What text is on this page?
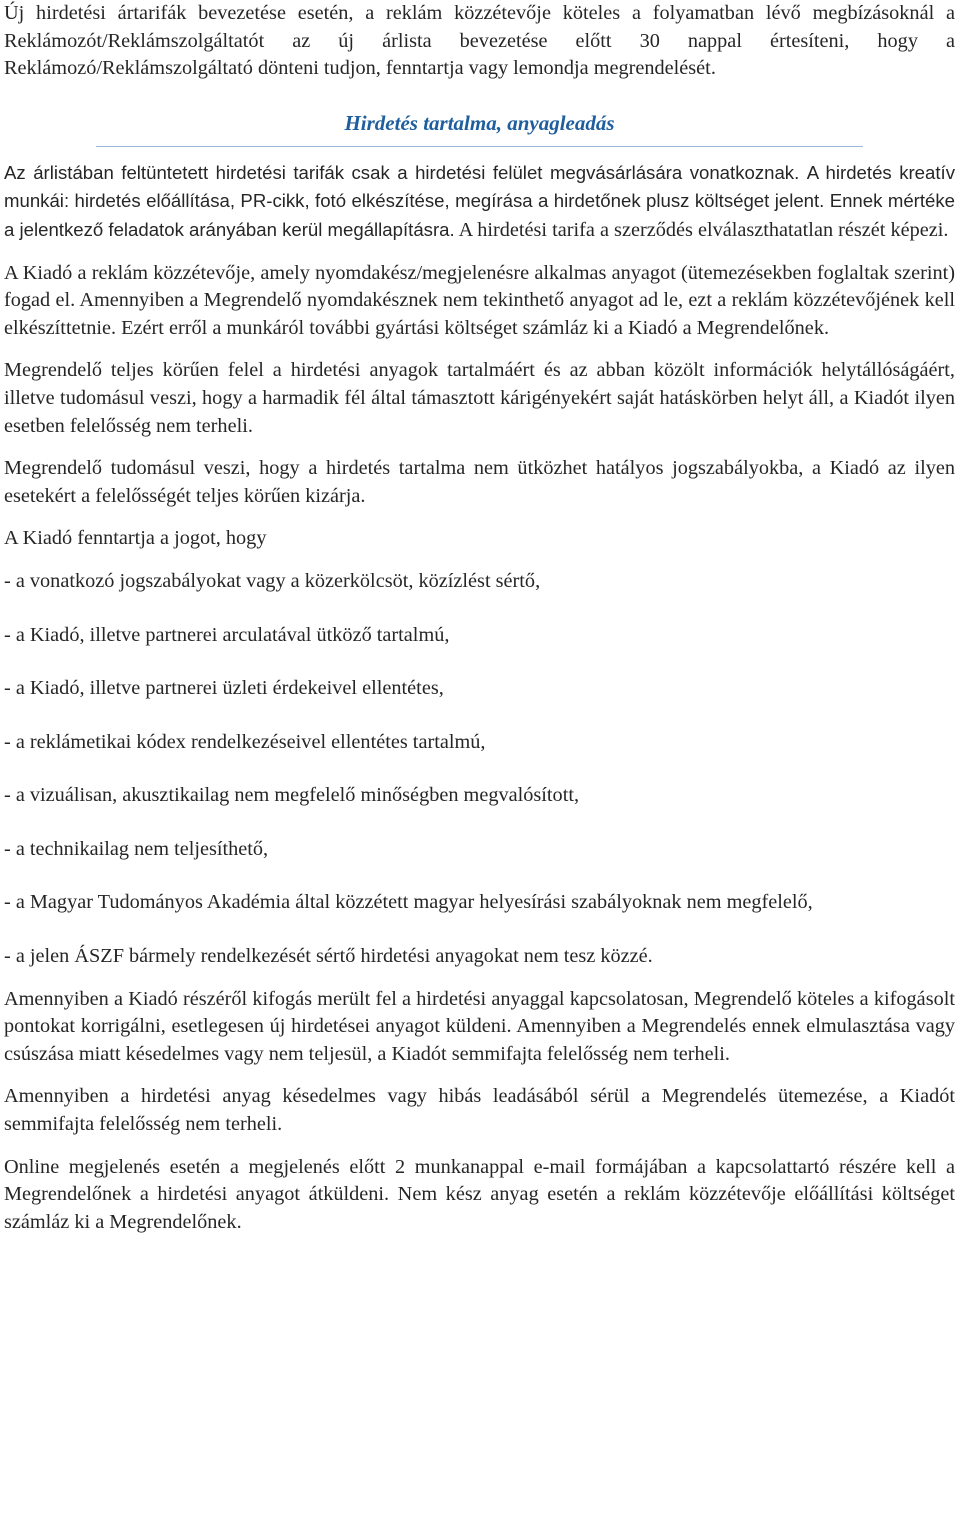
Új hirdetési ártarifák bevezetése esetén, a reklám közzétevője köteles a folyamatban lévő megbízásoknál a Reklámozót/Reklámszolgáltatót az új árlista bevezetése előtt 30 nappal értesíteni, hogy a Reklámozó/Reklámszolgáltató dönteni tudjon, fenntartja vagy lemondja megrendelését.

Hirdetés tartalma, anyagleadás

Az árlistában feltüntetett hirdetési tarifák csak a hirdetési felület megvásárlására vonatkoznak. A hirdetés kreatív munkái: hirdetés előállítása, PR-cikk, fotó elkészítése, megírása a hirdetőnek plusz költséget jelent. Ennek mértéke a jelentkező feladatok arányában kerül megállapításra. A hirdetési tarifa a szerződés elválaszthatatlan részét képezi.

A Kiadó a reklám közzétevője, amely nyomdakész/megjelenésre alkalmas anyagot (ütemezésekben foglaltak szerint) fogad el. Amennyiben a Megrendelő nyomdakésznek nem tekinthető anyagot ad le, ezt a reklám közzétevőjének kell elkészíttetnie. Ezért erről a munkáról további gyártási költséget számláz ki a Kiadó a Megrendelőnek.

Megrendelő teljes körűen felel a hirdetési anyagok tartalmáért és az abban közölt információk helytállóságáért, illetve tudomásul veszi, hogy a harmadik fél által támasztott kárigényekért saját hatáskörben helyt áll, a Kiadót ilyen esetben felelősség nem terheli.

Megrendelő tudomásul veszi, hogy a hirdetés tartalma nem ütközhet hatályos jogszabályokba, a Kiadó az ilyen esetekért a felelősségét teljes körűen kizárja.

A Kiadó fenntartja a jogot, hogy

- a vonatkozó jogszabályokat vagy a közerkölcsöt, közízlést sértő,

- a Kiadó, illetve partnerei arculatával ütköző tartalmú,

- a Kiadó, illetve partnerei üzleti érdekeivel ellentétes,

- a reklámetikai kódex rendelkezéseivel ellentétes tartalmú,

- a vizuálisan, akusztikailag nem megfelelő minőségben megvalósított,

- a technikailag nem teljesíthető,

- a Magyar Tudományos Akadémia által közzétett magyar helyesírási szabályoknak nem megfelelő,

- a jelen ÁSZF bármely rendelkezését sértő hirdetési anyagokat nem tesz közzé.

Amennyiben a Kiadó részéről kifogás merült fel a hirdetési anyaggal kapcsolatosan, Megrendelő köteles a kifogásolt pontokat korrigálni, esetlegesen új hirdetései anyagot küldeni. Amennyiben a Megrendelés ennek elmulasztása vagy csúszása miatt késedelmes vagy nem teljesül, a Kiadót semmifajta felelősség nem terheli.

Amennyiben a hirdetési anyag késedelmes vagy hibás leadásából sérül a Megrendelés ütemezése, a Kiadót semmifajta felelősség nem terheli.

Online megjelenés esetén a megjelenés előtt 2 munkanappal e-mail formájában a kapcsolattartó részére kell a Megrendelőnek a hirdetési anyagot átküldeni. Nem kész anyag esetén a reklám közzétevője előállítási költséget számláz ki a Megrendelőnek.
